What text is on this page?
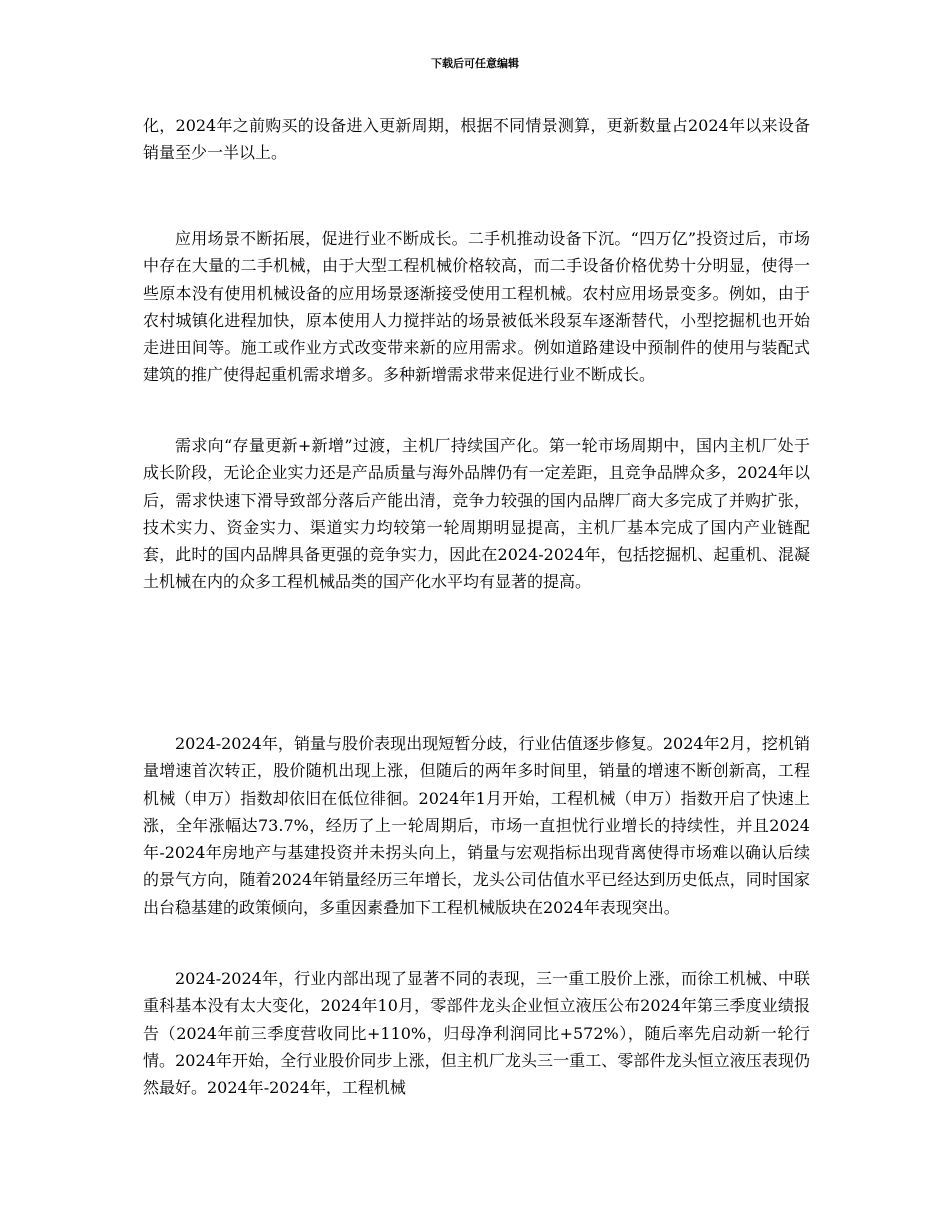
下载后可任意编辑

化，2024年之前购买的设备进入更新周期，根据不同情景测算，更新数量占2024年以来设备销量至少一半以上。

应用场景不断拓展，促进行业不断成长。二手机推动设备下沉。“四万亿”投资过后，市场中存在大量的二手机械，由于大型工程机械价格较高，而二手设备价格优势十分明显，使得一些原本没有使用机械设备的应用场景逐渐接受使用工程机械。农村应用场景变多。例如，由于农村城镇化进程加快，原本使用人力搅拌站的场景被低米段泵车逐渐替代，小型挖掘机也开始走进田间等。施工或作业方式改变带来新的应用需求。例如道路建设中预制件的使用与装配式建筑的推广使得起重机需求增多。多种新增需求带来促进行业不断成长。

需求向“存量更新+新增”过渡，主机厂持续国产化。第一轮市场周期中，国内主机厂处于成长阶段，无论企业实力还是产品质量与海外品牌仍有一定差距，且竞争品牌众多，2024年以后，需求快速下滑导致部分落后产能出清，竞争力较强的国内品牌厂商大多完成了并购扩张，技术实力、资金实力、渠道实力均较第一轮周期明显提高，主机厂基本完成了国内产业链配套，此时的国内品牌具备更强的竞争实力，因此在2024-2024年，包括挖掘机、起重机、混凝土机械在内的众多工程机械品类的国产化水平均有显著的提高。

2024-2024年，销量与股价表现出现短暂分歧，行业估值逐步修复。2024年2月，挖机销量增速首次转正，股价随机出现上涨，但随后的两年多时间里，销量的增速不断创新高，工程机械（申万）指数却依旧在低位徘徊。2024年1月开始，工程机械（申万）指数开启了快速上涨，全年涨幅达73.7%，经历了上一轮周期后，市场一直担忧行业增长的持续性，并且2024年-2024年房地产与基建投资并未拐头向上，销量与宏观指标出现背离使得市场难以确认后续的景气方向，随着2024年销量经历三年增长，龙头公司估值水平已经达到历史低点，同时国家出台稳基建的政策倾向，多重因素叠加下工程机械版块在2024年表现突出。

2024-2024年，行业内部出现了显著不同的表现，三一重工股价上涨，而徐工机械、中联重科基本没有太大变化，2024年10月，零部件龙头企业恒立液压公布2024年第三季度业绩报告（2024年前三季度营收同比+110%，归母净利润同比+572%），随后率先启动新一轮行情。2024年开始，全行业股价同步上涨，但主机厂龙头三一重工、零部件龙头恒立液压表现仍然最好。2024年-2024年，工程机械
